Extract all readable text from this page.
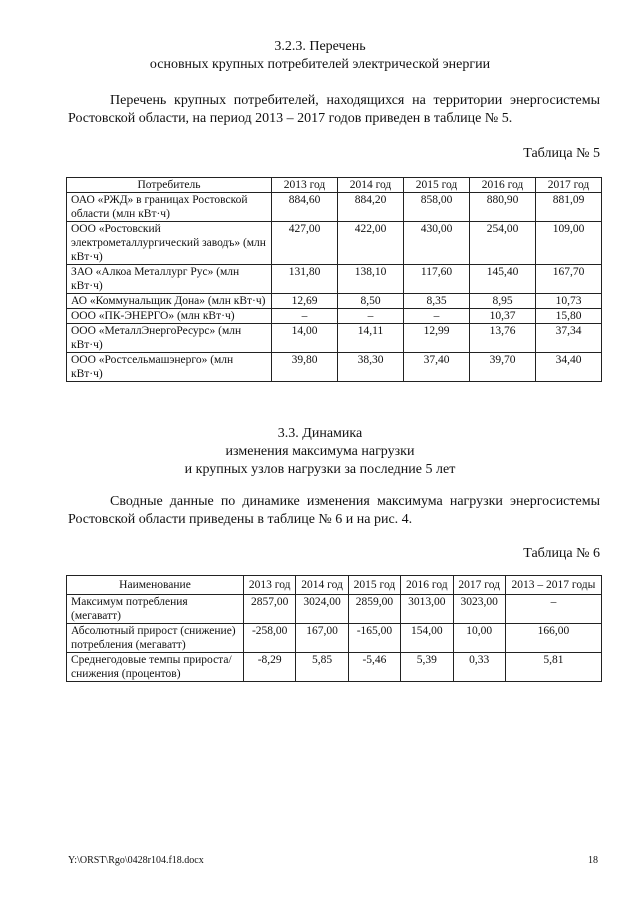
3.2.3. Перечень
основных крупных потребителей электрической энергии
Перечень крупных потребителей, находящихся на территории энергосистемы Ростовской области, на период 2013 – 2017 годов приведен в таблице № 5.
Таблица № 5
Потребитель	2013 год	2014 год	2015 год	2016 год	2017 год
ОАО «РЖД» в границах Ростовской области (млн кВт·ч)	884,60	884,20	858,00	880,90	881,09
ООО «Ростовский электрометаллургический заводъ» (млн кВт·ч)	427,00	422,00	430,00	254,00	109,00
ЗАО «Алкоа Металлург Рус» (млн кВт·ч)	131,80	138,10	117,60	145,40	167,70
АО «Коммунальщик Дона» (млн кВт·ч)	12,69	8,50	8,35	8,95	10,73
ООО «ПК-ЭНЕРГО» (млн кВт·ч)	–	–	–	10,37	15,80
ООО «МеталлЭнергоРесурс» (млн кВт·ч)	14,00	14,11	12,99	13,76	37,34
ООО «Ростсельмашэнерго» (млн кВт·ч)	39,80	38,30	37,40	39,70	34,40
3.3. Динамика
изменения максимума нагрузки
и крупных узлов нагрузки за последние 5 лет
Сводные данные по динамике изменения максимума нагрузки энергосистемы Ростовской области приведены в таблице № 6 и на рис. 4.
Таблица № 6
Наименование	2013 год	2014 год	2015 год	2016 год	2017 год	2013 – 2017 годы
Максимум потребления (мегаватт)	2857,00	3024,00	2859,00	3013,00	3023,00	–
Абсолютный прирост (снижение) потребления (мегаватт)	-258,00	167,00	-165,00	154,00	10,00	166,00
Среднегодовые темпы прироста/снижения (процентов)	-8,29	5,85	-5,46	5,39	0,33	5,81
Y:\ORST\Rgo\0428r104.f18.docx	18
